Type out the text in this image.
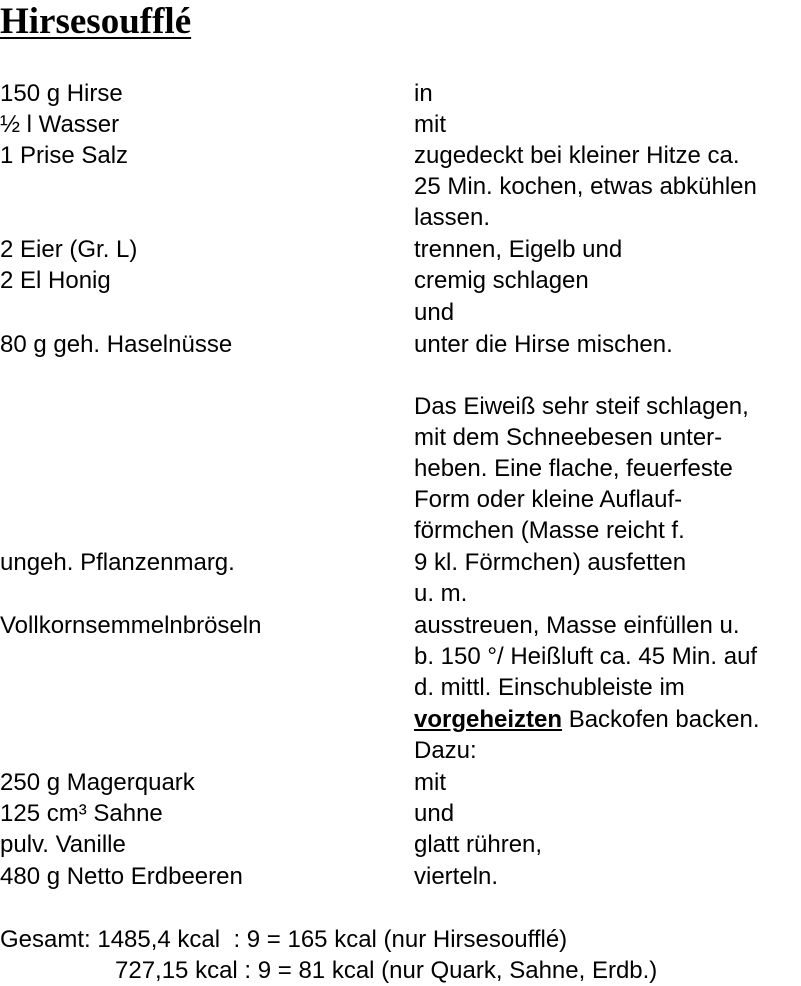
Hirsesoufflé
150 g Hirse
½ l Wasser
1 Prise Salz
2 Eier (Gr. L)
2 El Honig
80 g geh. Haselnüsse
ungeh. Pflanzenmarg.
Vollkornsemmelnbröseln
250 g Magerquark
125 cm³ Sahne
pulv. Vanille
480 g Netto Erdbeeren
in
mit
zugedeckt bei kleiner Hitze ca.
25 Min. kochen, etwas abkühlen
lassen.
trennen, Eigelb und
cremig schlagen
und
unter die Hirse mischen.
Das Eiweiß sehr steif schlagen,
mit dem Schneebesen unter-
heben. Eine flache, feuerfeste
Form oder kleine Auflauf-
förmchen (Masse reicht f.
9 kl. Förmchen) ausfetten
u. m.
ausstreuen, Masse einfüllen u.
b. 150 °/ Heißluft ca. 45 Min. auf
d. mittl. Einschubleiste im
vorgeheizten Backofen backen.
Dazu:
mit
und
glatt rühren,
vierteln.
Gesamt: 1485,4 kcal  : 9 = 165 kcal (nur Hirsesoufflé)
727,15 kcal : 9 = 81 kcal (nur Quark, Sahne, Erdb.)
